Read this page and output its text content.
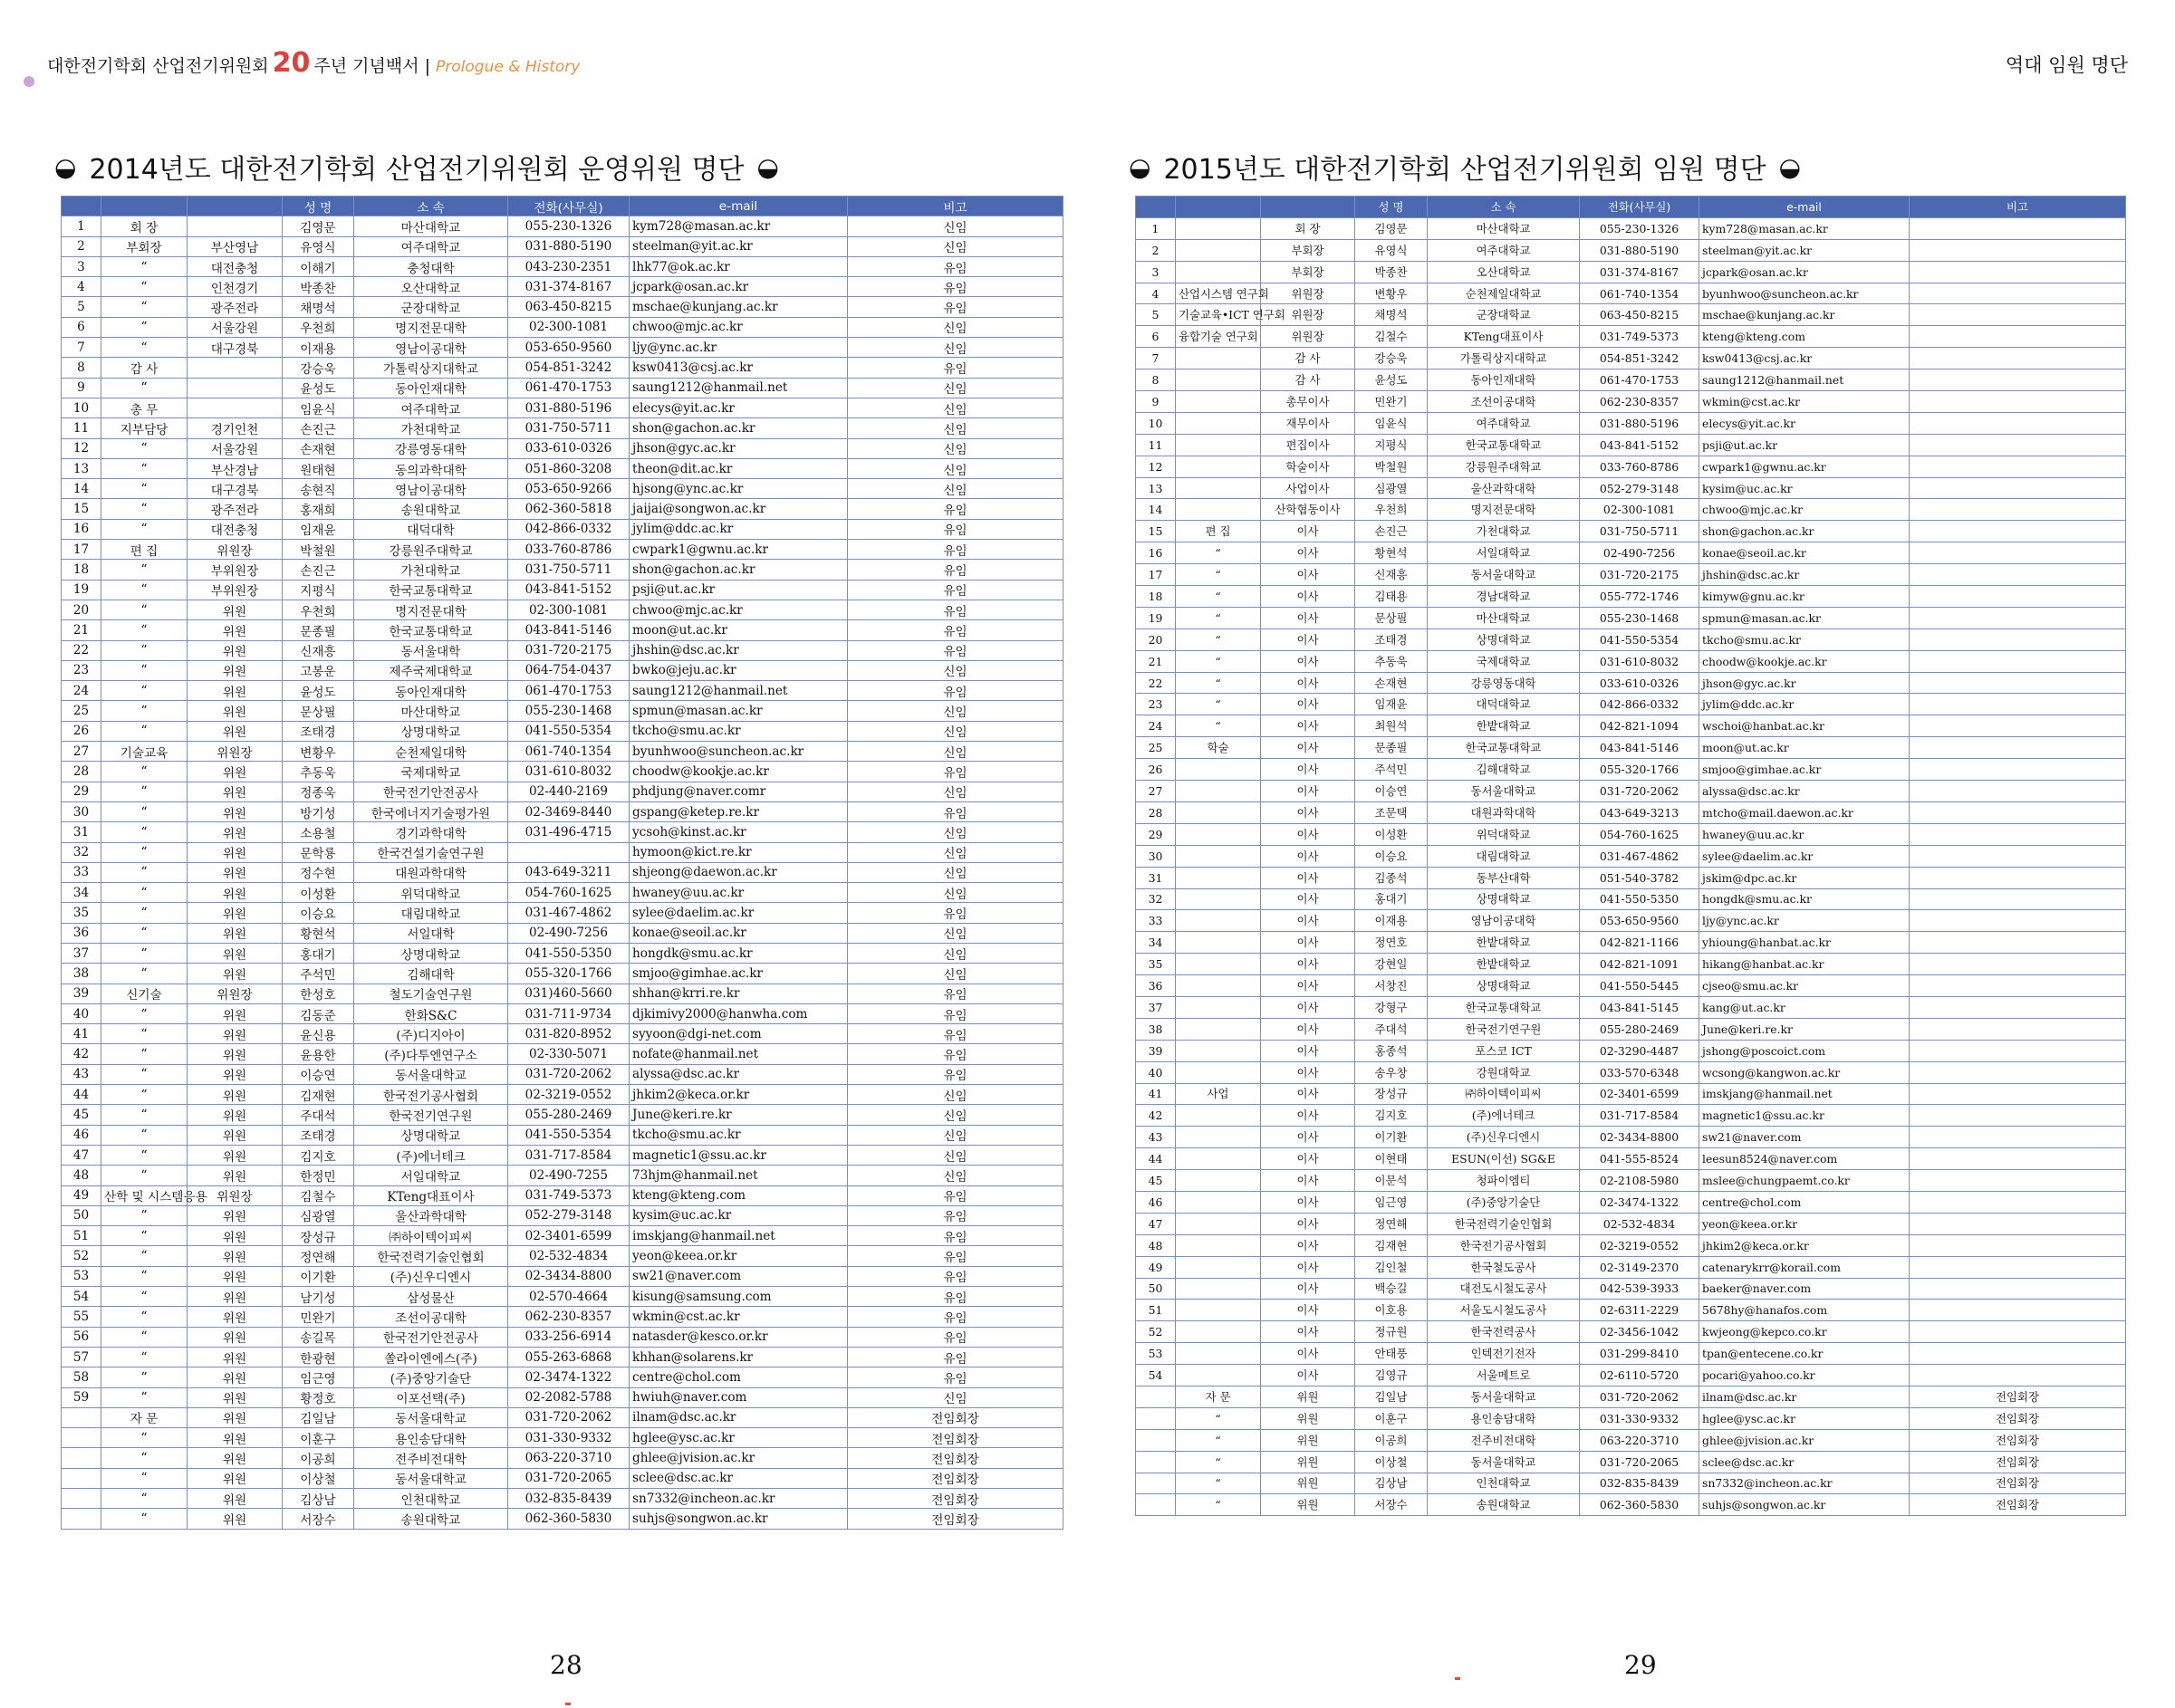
대한전기학회 산업전기위원회 20 주년 기념백서 | Prologue & History	역대 임원 명단
◒ 2014년도 대한전기학회 산업전기위원회 운영위원 명단 ◒	◒ 2015년도 대한전기학회 산업전기위원회 임원 명단 ◒
			성 명	소 속	전화(사무실)	e-mail	비고
1	회 장		김영문	마산대학교	055-230-1326	kym728@masan.ac.kr	신임
2	부회장	부산영남	유영식	여주대학교	031-880-5190	steelman@yit.ac.kr	신임
3	“	대전충청	이해기	충청대학	043-230-2351	lhk77@ok.ac.kr	유임
4	“	인천경기	박종찬	오산대학교	031-374-8167	jcpark@osan.ac.kr	유임
5	“	광주전라	채명석	군장대학교	063-450-8215	mschae@kunjang.ac.kr	유임
6	“	서울강원	우천희	명지전문대학	02-300-1081	chwoo@mjc.ac.kr	신임
7	“	대구경북	이재용	영남이공대학	053-650-9560	ljy@ync.ac.kr	신임
8	감 사		강승욱	가톨릭상지대학교	054-851-3242	ksw0413@csj.ac.kr	유임
9	“		윤성도	동아인재대학	061-470-1753	saung1212@hanmail.net	신임
10	총 무		임윤식	여주대학교	031-880-5196	elecys@yit.ac.kr	신임
11	지부담당	경기인천	손진근	가천대학교	031-750-5711	shon@gachon.ac.kr	신임
12	“	서울강원	손재현	강릉영동대학	033-610-0326	jhson@gyc.ac.kr	신임
13	“	부산경남	원태현	동의과학대학	051-860-3208	theon@dit.ac.kr	신임
14	“	대구경북	송현직	영남이공대학	053-650-9266	hjsong@ync.ac.kr	신임
15	“	광주전라	홍재희	송원대학교	062-360-5818	jaijai@songwon.ac.kr	유임
16	“	대전충청	임재윤	대덕대학	042-866-0332	jylim@ddc.ac.kr	유임
17	편 집	위원장	박철원	강릉원주대학교	033-760-8786	cwpark1@gwnu.ac.kr	유임
18	“	부위원장	손진근	가천대학교	031-750-5711	shon@gachon.ac.kr	유임
19	“	부위원장	지평식	한국교통대학교	043-841-5152	psji@ut.ac.kr	유임
20	“	위원	우천희	명지전문대학	02-300-1081	chwoo@mjc.ac.kr	유임
21	“	위원	문종필	한국교통대학교	043-841-5146	moon@ut.ac.kr	유임
22	“	위원	신재흥	동서울대학	031-720-2175	jhshin@dsc.ac.kr	유임
23	“	위원	고봉운	제주국제대학교	064-754-0437	bwko@jeju.ac.kr	신임
24	“	위원	윤성도	동아인재대학	061-470-1753	saung1212@hanmail.net	유임
25	“	위원	문상필	마산대학교	055-230-1468	spmun@masan.ac.kr	신임
26	“	위원	조태경	상명대학교	041-550-5354	tkcho@smu.ac.kr	신임
27	기술교육	위원장	변황우	순천제일대학	061-740-1354	byunhwoo@suncheon.ac.kr	신임
28	“	위원	추동욱	국제대학교	031-610-8032	choodw@kookje.ac.kr	유임
29	“	위원	정종욱	한국전기안전공사	02-440-2169	phdjung@naver.comr	신임
30	“	위원	방기성	한국에너지기술평가원	02-3469-8440	gspang@ketep.re.kr	유임
31	“	위원	소용철	경기과학대학	031-496-4715	ycsoh@kinst.ac.kr	신임
32	“	위원	문학룡	한국건설기술연구원		hymoon@kict.re.kr	신임
33	“	위원	정수현	대원과학대학	043-649-3211	shjeong@daewon.ac.kr	신임
34	“	위원	이성환	위덕대학교	054-760-1625	hwaney@uu.ac.kr	신임
35	“	위원	이승요	대림대학교	031-467-4862	sylee@daelim.ac.kr	유임
36	“	위원	황현석	서일대학	02-490-7256	konae@seoil.ac.kr	신임
37	“	위원	홍대기	상명대학교	041-550-5350	hongdk@smu.ac.kr	신임
38	“	위원	주석민	김해대학	055-320-1766	smjoo@gimhae.ac.kr	신임
39	신기술	위원장	한성호	철도기술연구원	031)460-5660	shhan@krri.re.kr	유임
40	“	위원	김동준	한화S&C	031-711-9734	djkimivy2000@hanwha.com	유임
41	“	위원	윤신용	(주)디지아이	031-820-8952	syyoon@dgi-net.com	유임
42	“	위원	윤용한	(주)다투엔연구소	02-330-5071	nofate@hanmail.net	유임
43	“	위원	이승연	동서울대학교	031-720-2062	alyssa@dsc.ac.kr	유임
44	“	위원	김재현	한국전기공사협회	02-3219-0552	jhkim2@keca.or.kr	신임
45	“	위원	주대석	한국전기연구원	055-280-2469	June@keri.re.kr	신임
46	“	위원	조태경	상명대학교	041-550-5354	tkcho@smu.ac.kr	신임
47	“	위원	김지호	(주)에너테크	031-717-8584	magnetic1@ssu.ac.kr	신임
48	“	위원	한정민	서일대학교	02-490-7255	73hjm@hanmail.net	신임
49	산학 및 시스템응용	위원장	김철수	KTeng대표이사	031-749-5373	kteng@kteng.com	유임
50	“	위원	심광열	울산과학대학	052-279-3148	kysim@uc.ac.kr	유임
51	“	위원	장성규	㈜하이텍이피씨	02-3401-6599	imskjang@hanmail.net	유임
52	“	위원	정연해	한국전력기술인협회	02-532-4834	yeon@keea.or.kr	유임
53	“	위원	이기환	(주)신우디엔시	02-3434-8800	sw21@naver.com	유임
54	“	위원	남기성	삼성물산	02-570-4664	kisung@samsung.com	유임
55	“	위원	민완기	조선이공대학	062-230-8357	wkmin@cst.ac.kr	유임
56	“	위원	송길목	한국전기안전공사	033-256-6914	natasder@kesco.or.kr	유임
57	“	위원	한광현	쏠라이엔에스(주)	055-263-6868	khhan@solarens.kr	유임
58	“	위원	임근영	(주)중앙기술단	02-3474-1322	centre@chol.com	유임
59	“	위원	황정호	이포선택(주)	02-2082-5788	hwiuh@naver.com	신임
	자 문	위원	김일남	동서울대학교	031-720-2062	ilnam@dsc.ac.kr	전임회장
	“	위원	이훈구	용인송담대학	031-330-9332	hglee@ysc.ac.kr	전임회장
	“	위원	이공희	전주비전대학	063-220-3710	ghlee@jvision.ac.kr	전임회장
	“	위원	이상철	동서울대학교	031-720-2065	sclee@dsc.ac.kr	전임회장
	“	위원	김상남	인천대학교	032-835-8439	sn7332@incheon.ac.kr	전임회장
	“	위원	서장수	송원대학교	062-360-5830	suhjs@songwon.ac.kr	전임회장
			성 명	소 속	전화(사무실)	e-mail	비고
1		회 장	김영문	마산대학교	055-230-1326	kym728@masan.ac.kr	
2		부회장	유영식	여주대학교	031-880-5190	steelman@yit.ac.kr	
3		부회장	박종찬	오산대학교	031-374-8167	jcpark@osan.ac.kr	
4	산업시스템 연구회	위원장	변황우	순천제일대학교	061-740-1354	byunhwoo@suncheon.ac.kr	
5	기술교육•ICT 연구회	위원장	채명석	군장대학교	063-450-8215	mschae@kunjang.ac.kr	
6	융합기술 연구회	위원장	김철수	KTeng대표이사	031-749-5373	kteng@kteng.com	
7		감 사	강승욱	가톨릭상지대학교	054-851-3242	ksw0413@csj.ac.kr	
8		감 사	윤성도	동아인재대학	061-470-1753	saung1212@hanmail.net	
9		총무이사	민완기	조선이공대학	062-230-8357	wkmin@cst.ac.kr	
10		재무이사	임윤식	여주대학교	031-880-5196	elecys@yit.ac.kr	
11		편집이사	지평식	한국교통대학교	043-841-5152	psji@ut.ac.kr	
12		학술이사	박철원	강릉원주대학교	033-760-8786	cwpark1@gwnu.ac.kr	
13		사업이사	심광열	울산과학대학	052-279-3148	kysim@uc.ac.kr	
14		산학협동이사	우천희	명지전문대학	02-300-1081	chwoo@mjc.ac.kr	
15	편 집	이사	손진근	가천대학교	031-750-5711	shon@gachon.ac.kr	
16	“	이사	황현석	서일대학교	02-490-7256	konae@seoil.ac.kr	
17	“	이사	신재흥	동서울대학교	031-720-2175	jhshin@dsc.ac.kr	
18	“	이사	김태용	경남대학교	055-772-1746	kimyw@gnu.ac.kr	
19	“	이사	문상필	마산대학교	055-230-1468	spmun@masan.ac.kr	
20	“	이사	조태경	상명대학교	041-550-5354	tkcho@smu.ac.kr	
21	“	이사	추동욱	국제대학교	031-610-8032	choodw@kookje.ac.kr	
22	“	이사	손재현	강릉영동대학	033-610-0326	jhson@gyc.ac.kr	
23	“	이사	임재윤	대덕대학교	042-866-0332	jylim@ddc.ac.kr	
24	“	이사	최원석	한밭대학교	042-821-1094	wschoi@hanbat.ac.kr	
25	학술	이사	문종필	한국교통대학교	043-841-5146	moon@ut.ac.kr	
26		이사	주석민	김해대학교	055-320-1766	smjoo@gimhae.ac.kr	
27		이사	이승연	동서울대학교	031-720-2062	alyssa@dsc.ac.kr	
28		이사	조문택	대원과학대학	043-649-3213	mtcho@mail.daewon.ac.kr	
29		이사	이성환	위덕대학교	054-760-1625	hwaney@uu.ac.kr	
30		이사	이승요	대림대학교	031-467-4862	sylee@daelim.ac.kr	
31		이사	김종석	동부산대학	051-540-3782	jskim@dpc.ac.kr	
32		이사	홍대기	상명대학교	041-550-5350	hongdk@smu.ac.kr	
33		이사	이재용	영남이공대학	053-650-9560	ljy@ync.ac.kr	
34		이사	정연호	한밭대학교	042-821-1166	yhioung@hanbat.ac.kr	
35		이사	강현일	한밭대학교	042-821-1091	hikang@hanbat.ac.kr	
36		이사	서창진	상명대학교	041-550-5445	cjseo@smu.ac.kr	
37		이사	강형구	한국교통대학교	043-841-5145	kang@ut.ac.kr	
38		이사	주대석	한국전기연구원	055-280-2469	June@keri.re.kr	
39		이사	홍종석	포스코 ICT	02-3290-4487	jshong@poscoict.com	
40		이사	송우창	강원대학교	033-570-6348	wcsong@kangwon.ac.kr	
41	사업	이사	장성규	㈜하이텍이피씨	02-3401-6599	imskjang@hanmail.net	
42		이사	김지호	(주)에너테크	031-717-8584	magnetic1@ssu.ac.kr	
43		이사	이기환	(주)신우디엔시	02-3434-8800	sw21@naver.com	
44		이사	이현태	ESUN(이선) SG&E	041-555-8524	leesun8524@naver.com	
45		이사	이문석	청파이엠티	02-2108-5980	mslee@chungpaemt.co.kr	
46		이사	임근영	(주)중앙기술단	02-3474-1322	centre@chol.com	
47		이사	정연해	한국전력기술인협회	02-532-4834	yeon@keea.or.kr	
48		이사	김재현	한국전기공사협회	02-3219-0552	jhkim2@keca.or.kr	
49		이사	김인철	한국철도공사	02-3149-2370	catenarykrr@korail.com	
50		이사	백승길	대전도시철도공사	042-539-3933	baeker@naver.com	
51		이사	이호용	서울도시철도공사	02-6311-2229	5678hy@hanafos.com	
52		이사	정규원	한국전력공사	02-3456-1042	kwjeong@kepco.co.kr	
53		이사	안태풍	인텍전기전자	031-299-8410	tpan@entecene.co.kr	
54		이사	김영규	서울메트로	02-6110-5720	pocari@yahoo.co.kr	
	자 문	위원	김일남	동서울대학교	031-720-2062	ilnam@dsc.ac.kr	전임회장
	“	위원	이훈구	용인송담대학	031-330-9332	hglee@ysc.ac.kr	전임회장
	“	위원	이공희	전주비전대학	063-220-3710	ghlee@jvision.ac.kr	전임회장
	“	위원	이상철	동서울대학교	031-720-2065	sclee@dsc.ac.kr	전임회장
	“	위원	김상남	인천대학교	032-835-8439	sn7332@incheon.ac.kr	전임회장
	“	위원	서장수	송원대학교	062-360-5830	suhjs@songwon.ac.kr	전임회장
28	29
